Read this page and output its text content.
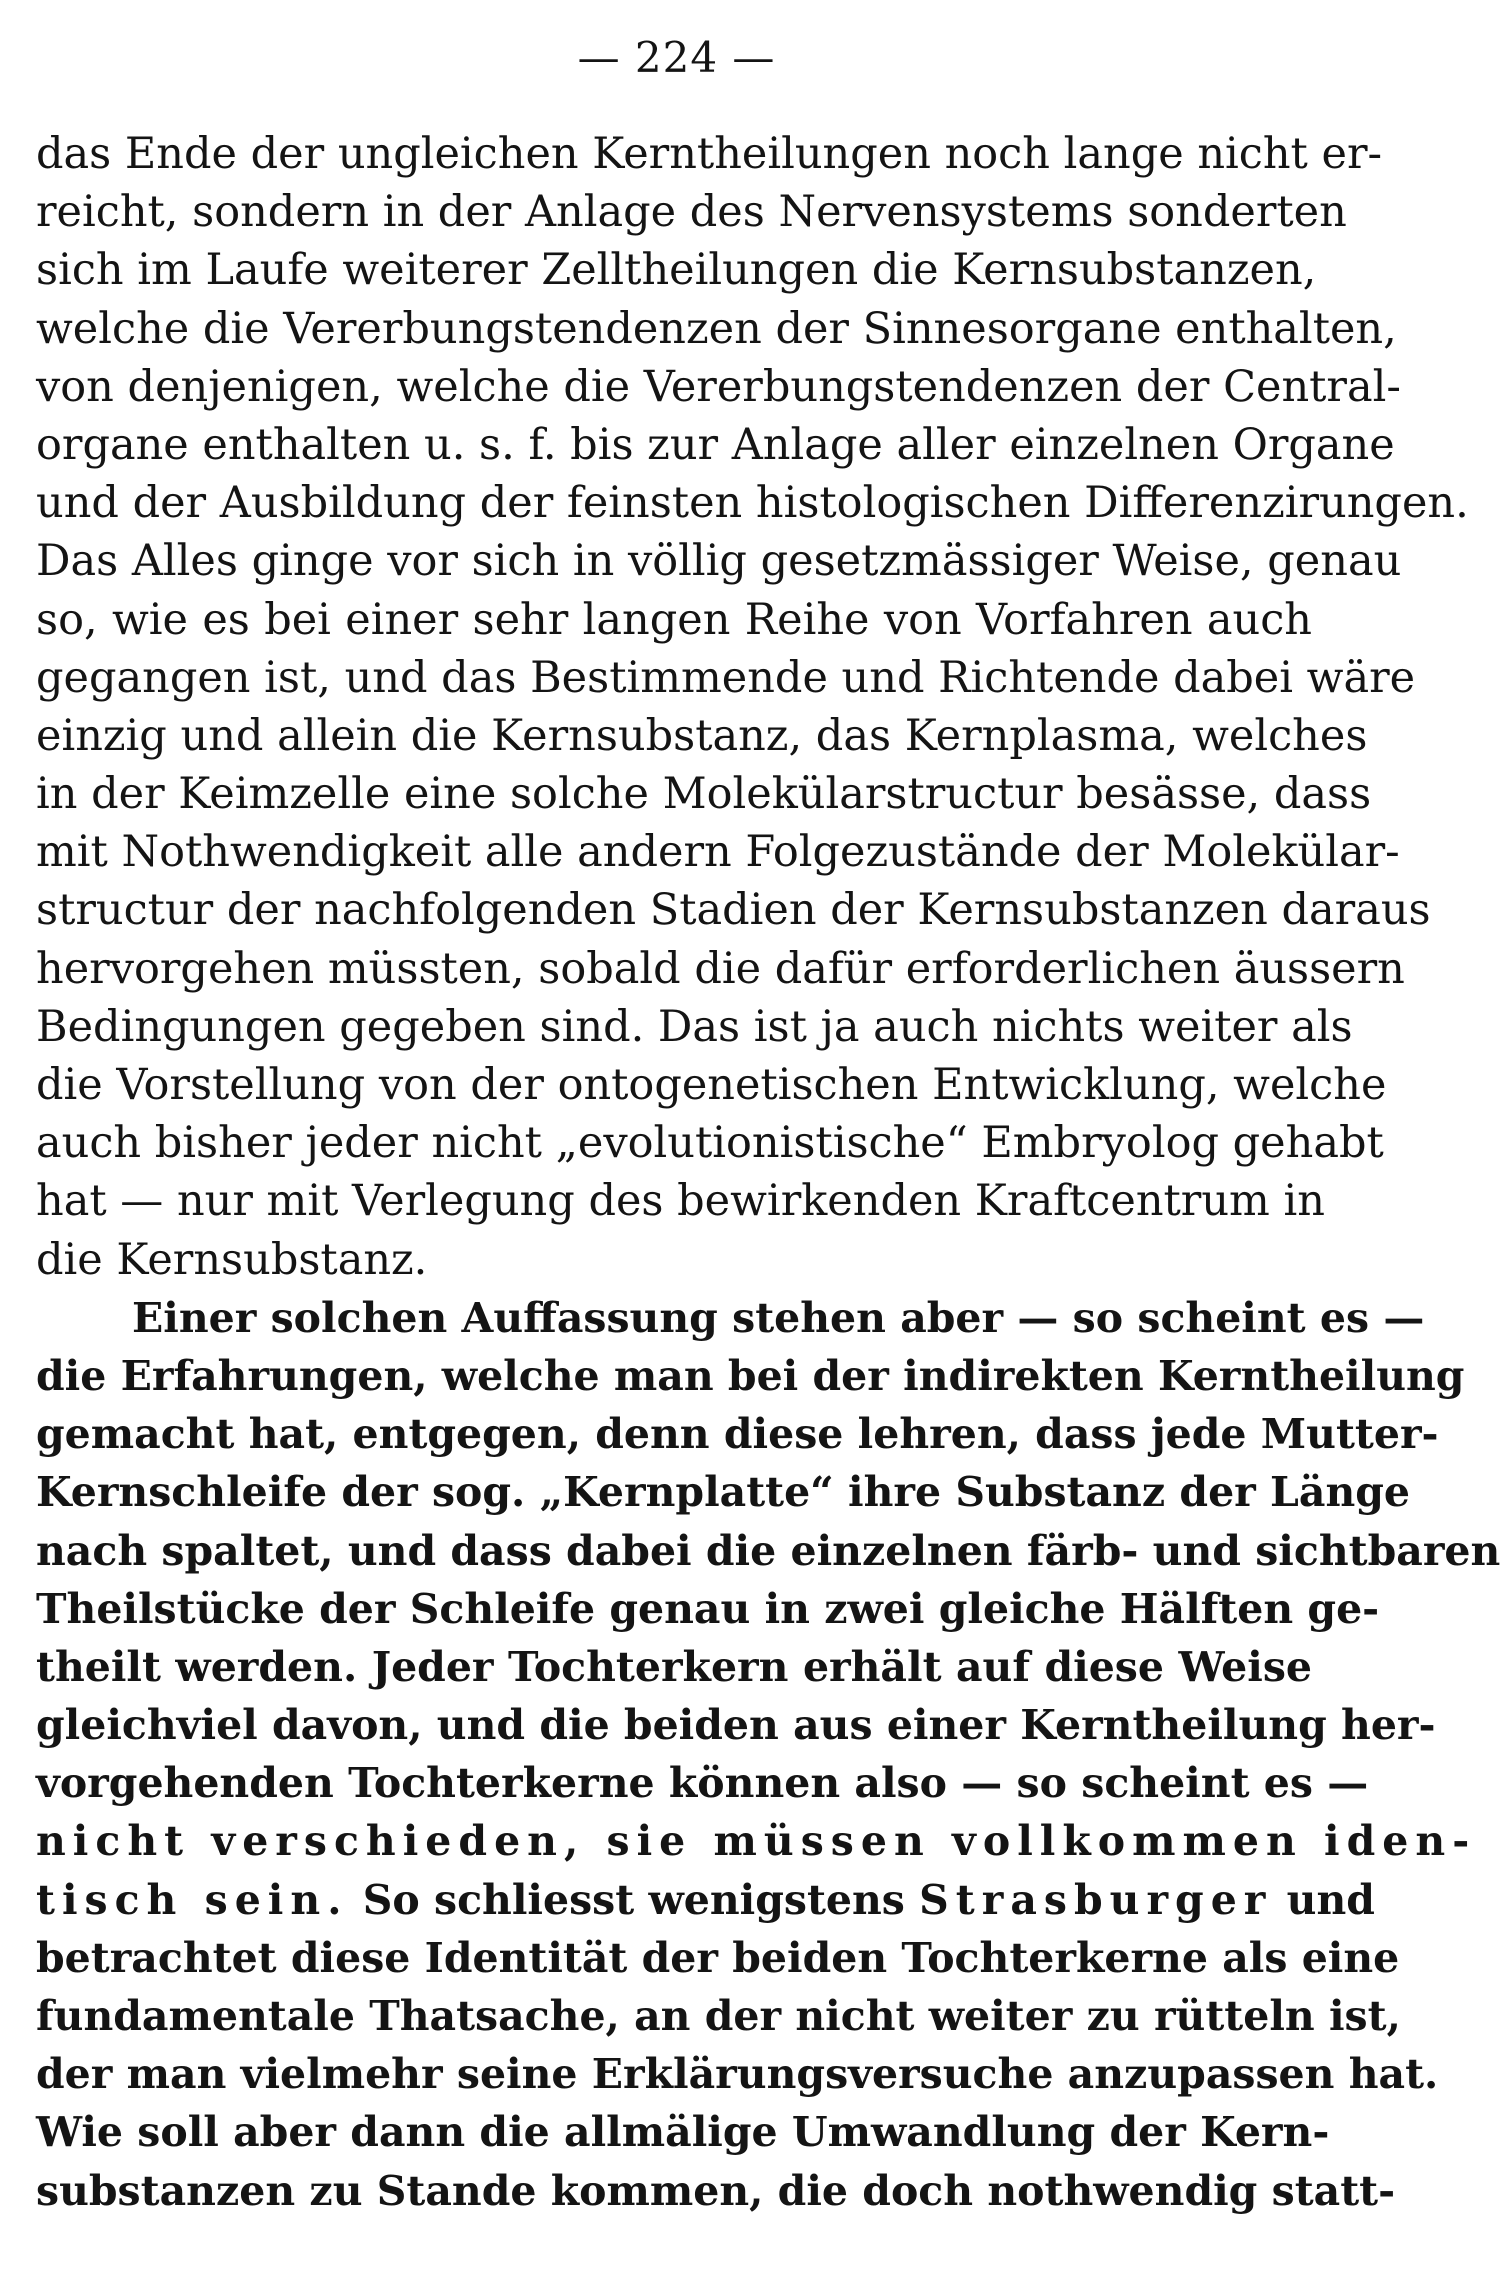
— 224 —
das Ende der ungleichen Kerntheilungen noch lange nicht er-
reicht, sondern in der Anlage des Nervensystems sonderten
sich im Laufe weiterer Zelltheilungen die Kernsubstanzen,
welche die Vererbungstendenzen der Sinnesorgane enthalten,
von denjenigen, welche die Vererbungstendenzen der Central-
organe enthalten u. s. f. bis zur Anlage aller einzelnen Organe
und der Ausbildung der feinsten histologischen Differenzirungen.
Das Alles ginge vor sich in völlig gesetzmässiger Weise, genau
so, wie es bei einer sehr langen Reihe von Vorfahren auch
gegangen ist, und das Bestimmende und Richtende dabei wäre
einzig und allein die Kernsubstanz, das Kernplasma, welches
in der Keimzelle eine solche Molekülarstructur besässe, dass
mit Nothwendigkeit alle andern Folgezustände der Molekülar-
structur der nachfolgenden Stadien der Kernsubstanzen daraus
hervorgehen müssten, sobald die dafür erforderlichen äussern
Bedingungen gegeben sind. Das ist ja auch nichts weiter als
die Vorstellung von der ontogenetischen Entwicklung, welche
auch bisher jeder nicht „evolutionistische“ Embryolog gehabt
hat — nur mit Verlegung des bewirkenden Kraftcentrum in
die Kernsubstanz.
Einer solchen Auffassung stehen aber — so scheint es —
die Erfahrungen, welche man bei der indirekten Kerntheilung
gemacht hat, entgegen, denn diese lehren, dass jede Mutter-
Kernschleife der sog. „Kernplatte“ ihre Substanz der Länge
nach spaltet, und dass dabei die einzelnen färb- und sichtbaren
Theilstücke der Schleife genau in zwei gleiche Hälften ge-
theilt werden. Jeder Tochterkern erhält auf diese Weise
gleichviel davon, und die beiden aus einer Kerntheilung her-
vorgehenden Tochterkerne können also — so scheint es —
nicht verschieden, sie müssen vollkommen iden-
tisch sein. So schliesst wenigstens Strasburger und
betrachtet diese Identität der beiden Tochterkerne als eine
fundamentale Thatsache, an der nicht weiter zu rütteln ist,
der man vielmehr seine Erklärungsversuche anzupassen hat.
Wie soll aber dann die allmälige Umwandlung der Kern-
substanzen zu Stande kommen, die doch nothwendig statt-
